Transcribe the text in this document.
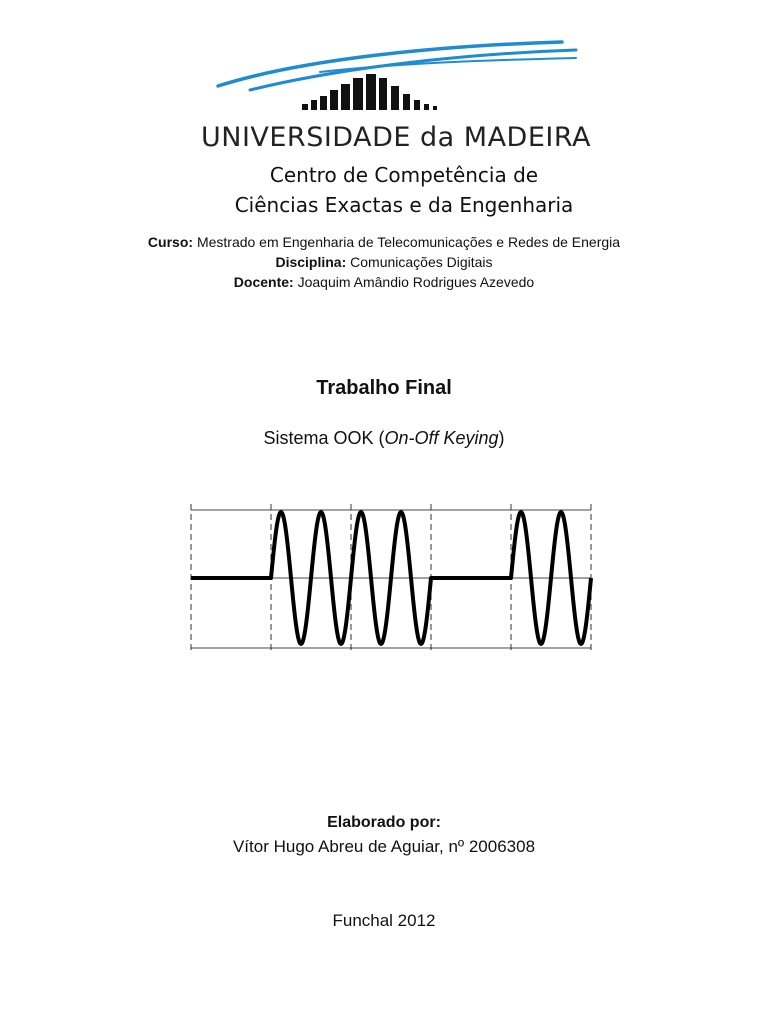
UNIVERSIDADE da MADEIRA
Centro de Competência de
Ciências Exactas e da Engenharia
Curso: Mestrado em Engenharia de Telecomunicações e Redes de Energia
Disciplina: Comunicações Digitais
Docente: Joaquim Amândio Rodrigues Azevedo
Trabalho Final
Sistema OOK (On-Off Keying)
Elaborado por:
Vítor Hugo Abreu de Aguiar, nº 2006308
Funchal 2012
